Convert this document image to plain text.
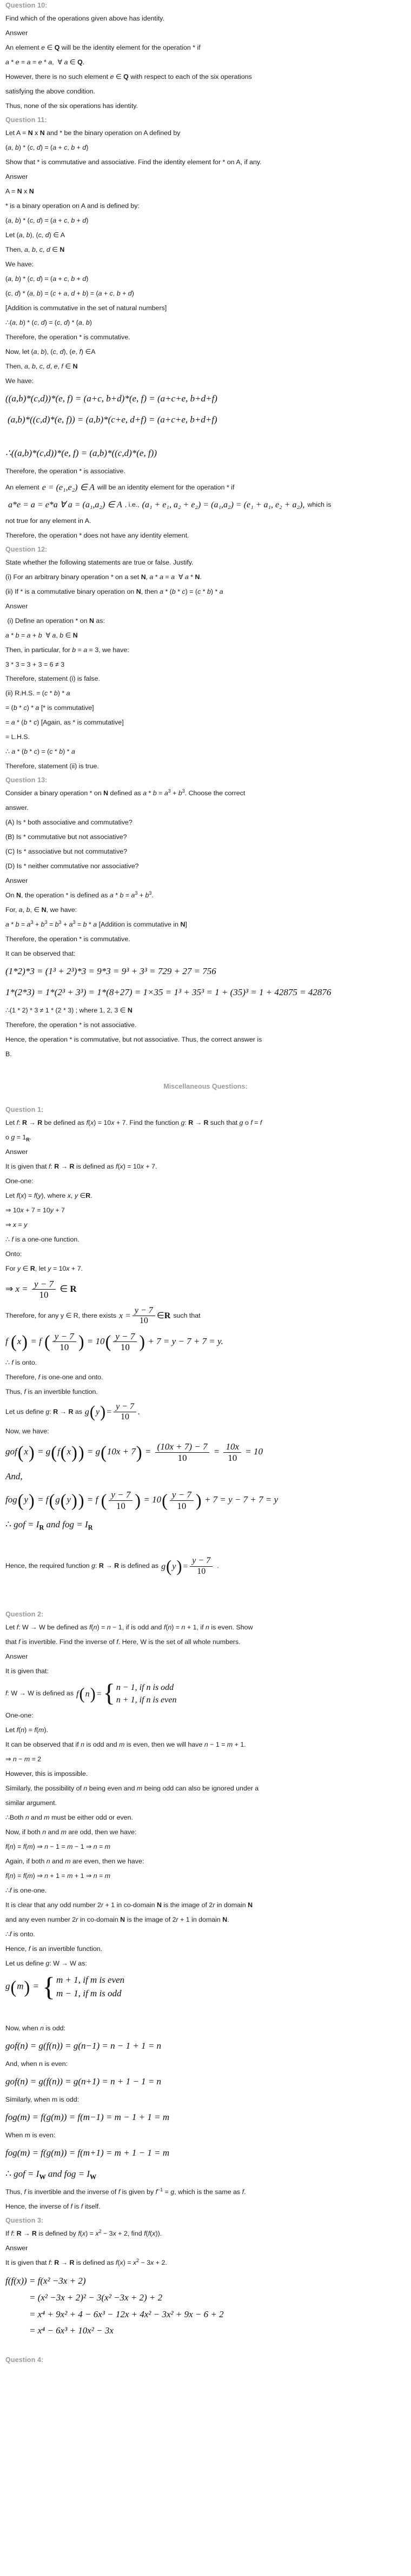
Question 10:

Find which of the operations given above has identity.

Answer

An element e ∈ Q will be the identity element for the operation * if

a * e = a = e * a,  ∀ a ∈ Q.

However, there is no such element e ∈ Q with respect to each of the six operations

satisfying the above condition.

Thus, none of the six operations has identity.

Question 11:

Let A = N x N and * be the binary operation on A defined by

(a, b) * (c, d) = (a + c, b + d)

Show that * is commutative and associative. Find the identity element for * on A, if any.

Answer

A = N x N

* is a binary operation on A and is defined by:

(a, b) * (c, d) = (a + c, b + d)

Let (a, b), (c, d) ∈ A

Then, a, b, c, d ∈ N

We have:

(a, b) * (c, d) = (a + c, b + d)

(c, d) * (a, b) = (c + a, d + b) = (a + c, b + d)

[Addition is commutative in the set of natural numbers]

∴(a, b) * (c, d) = (c, d) * (a, b)

Therefore, the operation * is commutative.

Now, let (a, b), (c, d), (e, f) ∈A

Then, a, b, c, d, e, f ∈ N

We have:

((a,b)*(c,d))*(e, f) = (a+c, b+d)*(e, f) = (a+c+e, b+d+f)
(a,b)*((c,d)*(e, f)) = (a,b)*(c+e, d+f) = (a+c+e, b+d+f)
∴((a,b)*(c,d))*(e, f) = (a,b)*((c,d)*(e, f))

Therefore, the operation * is associative.

An element e = (e₁,e₂) ∈ A will be an identity element for the operation * if
a*e = a = e*a ∀ a = (a₁,a₂) ∈ A , i.e., (a₁ + e₁, a₂ + e₂) = (a₁,a₂) = (e₁ + a₁, e₂ + a₂), which is

not true for any element in A.

Therefore, the operation * does not have any identity element.

Question 12:

State whether the following statements are true or false. Justify.

(i) For an arbitrary binary operation * on a set N, a * a = a  ∀ a * N.

(ii) If * is a commutative binary operation on N, then a * (b * c) = (c * b) * a

Answer

(i) Define an operation * on N as:

a * b = a + b  ∀ a, b ∈ N

Then, in particular, for b = a = 3, we have:

3 * 3 = 3 + 3 = 6 ≠ 3

Therefore, statement (i) is false.

(ii) R.H.S. = (c * b) * a

= (b * c) * a [* is commutative]

= a * (b * c) [Again, as * is commutative]

= L.H.S.

∴ a * (b * c) = (c * b) * a

Therefore, statement (ii) is true.

Question 13:

Consider a binary operation * on N defined as $a * b = a^3 + b^3$. Choose the correct

answer.

(A) Is * both associative and commutative?

(B) Is * commutative but not associative?

(C) Is * associative but not commutative?

(D) Is * neither commutative nor associative?

Answer

On N, the operation * is defined as $a * b = a^3 + b^3$.

For, a, b, ∈ N, we have:

$a * b = a^3 + b^3 = b^3 + a^3 = b * a$ [Addition is commutative in N]

Therefore, the operation * is commutative.

It can be observed that:

(1*2)*3 = (1³ + 2³)*3 = 9*3 = 9³ + 3³ = 729 + 27 = 756
1*(2*3) = 1*(2³ + 3³) = 1*(8+27) = 1×35 = 1³ + 35³ = 1 + (35)³ = 1 + 42875 = 42876

∴(1 * 2) * 3 ≠ 1 * (2 * 3) ; where 1, 2, 3 ∈ N

Therefore, the operation * is not associative.

Hence, the operation * is commutative, but not associative. Thus, the correct answer is

B.

Miscellaneous Questions:
Question 1:

Let f: R → R be defined as f(x) = 10x + 7. Find the function g: R → R such that g o f = f

o $g = 1_R$.

Answer

It is given that f: R → R is defined as f(x) = 10x + 7.

One-one:

Let f(x) = f(y), where x, y ∈R.

⇒ 10x + 7 = 10y + 7

⇒ x = y

∴ f is a one-one function.

Onto:

For y ∈ R, let y = 10x + 7.

⇒ $x = \frac{y - 7}{10}$ ∈ R
Therefore, for any y ∈ R, there exists $x = \frac{y - 7}{10}$ ∈ R such that
f (x) = f ( $\frac{y - 7}{10}$ ) = $10( \frac{y - 7}{10}$ ) + 7 = y − 7 + 7 = y.

∴ f is onto.

Therefore, f is one-one and onto.

Thus, f is an invertible function.

Let us define g: R → R as g ( y ) = $\frac{y - 7}{10}$ .

Now, we have:

$gof(x) = g(f(x)) = g(10x + 7) = \frac{(10x + 7) - 7}{10} = \frac{10x}{10} = 10$
And,
fog(y) = f(g(y)) = f ( $\frac{y - 7}{10}$ ) = $10( \frac{y - 7}{10}$ ) + 7 = y − 7 + 7 = y
∴ gof = $I_R$ and fog = $I_R$
Hence, the required function g: R → R is defined as g ( y ) = $\frac{y - 7}{10}$ .
Question 2:

Let f: W → W be defined as f(n) = n − 1, if is odd and f(n) = n + 1, if n is even. Show

that f is invertible. Find the inverse of f. Here, W is the set of all whole numbers.

Answer

It is given that:

f: W → W is defined as f ( n ) = { n − 1, if n is odd
n + 1, if n is even

One-one:

Let f(n) = f(m).

It can be observed that if n is odd and m is even, then we will have n − 1 = m + 1.

⇒ n − m = 2

However, this is impossible.

Similarly, the possibility of n being even and m being odd can also be ignored under a

similar argument.

∴Both n and m must be either odd or even.

Now, if both n and m are odd, then we have:

f(n) = f(m) ⇒ n − 1 = m − 1 ⇒ n = m

Again, if both n and m are even, then we have:

f(n) = f(m) ⇒ n + 1 = m + 1 ⇒ n = m

∴f is one-one.

It is clear that any odd number 2r + 1 in co-domain N is the image of 2r in domain N

and any even number 2r in co-domain N is the image of 2r + 1 in domain N.

∴f is onto.

Hence, f is an invertible function.

Let us define g: W → W as:

g(m) = { m + 1, if m is even
m − 1, if m is odd

Now, when n is odd:

gof(n) = g(f(n)) = g(n−1) = n − 1 + 1 = n

And, when n is even:

gof(n) = g(f(n)) = g(n+1) = n + 1 − 1 = n

Similarly, when m is odd:

fog(m) = f(g(m)) = f(m−1) = m − 1 + 1 = m

When m is even:

fog(m) = f(g(m)) = f(m+1) = m + 1 − 1 = m
∴ gof = $I_W$ and fog = $I_W$

Thus, f is invertible and the inverse of f is given by $f^{-1} = g$, which is the same as f.

Hence, the inverse of f is f itself.

Question 3:

If f: R → R is defined by $f(x) = x^2 - 3x + 2$, find f(f(x)).

Answer

It is given that f: R → R is defined as $f(x) = x^2 - 3x + 2$.

f(f(x)) = f(x² −3x + 2)
= (x² −3x + 2)² − 3(x² −3x + 2) + 2
= x⁴ + 9x² + 4 − 6x³ − 12x + 4x² − 3x² + 9x − 6 + 2
= x⁴ − 6x³ + 10x² − 3x
Question 4:
